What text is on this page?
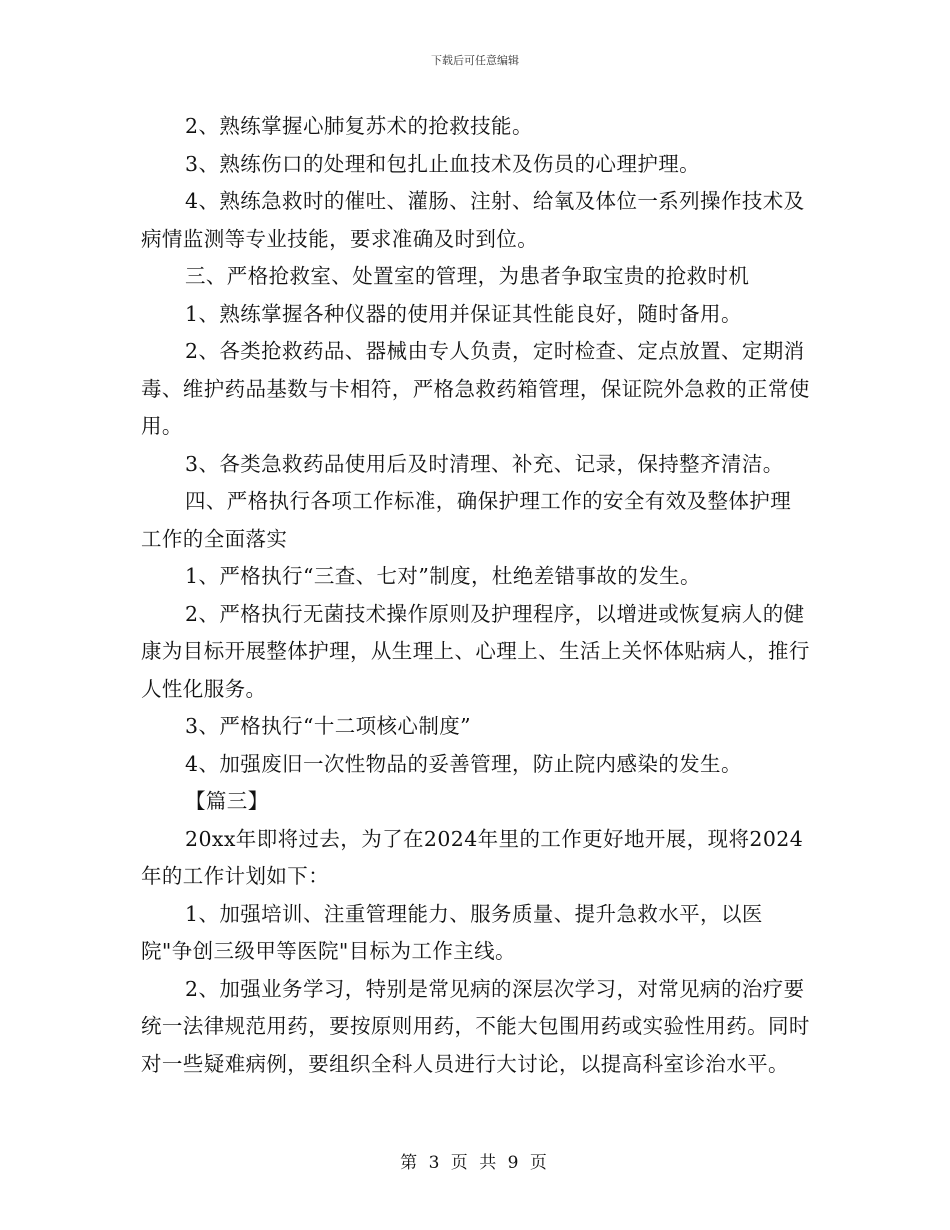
下载后可任意编辑

2、熟练掌握心肺复苏术的抢救技能。

3、熟练伤口的处理和包扎止血技术及伤员的心理护理。

4、熟练急救时的催吐、灌肠、注射、给氧及体位一系列操作技术及病情监测等专业技能，要求准确及时到位。

三、严格抢救室、处置室的管理，为患者争取宝贵的抢救时机

1、熟练掌握各种仪器的使用并保证其性能良好，随时备用。

2、各类抢救药品、器械由专人负责，定时检查、定点放置、定期消毒、维护药品基数与卡相符，严格急救药箱管理，保证院外急救的正常使用。

3、各类急救药品使用后及时清理、补充、记录，保持整齐清洁。

四、严格执行各项工作标准，确保护理工作的安全有效及整体护理工作的全面落实

1、严格执行“三查、七对”制度，杜绝差错事故的发生。

2、严格执行无菌技术操作原则及护理程序，以增进或恢复病人的健康为目标开展整体护理，从生理上、心理上、生活上关怀体贴病人，推行人性化服务。

3、严格执行“十二项核心制度”

4、加强废旧一次性物品的妥善管理，防止院内感染的发生。

【篇三】

20xx年即将过去，为了在2024年里的工作更好地开展，现将2024年的工作计划如下：

1、加强培训、注重管理能力、服务质量、提升急救水平，以医院"争创三级甲等医院"目标为工作主线。

2、加强业务学习，特别是常见病的深层次学习，对常见病的治疗要统一法律规范用药，要按原则用药，不能大包围用药或实验性用药。同时对一些疑难病例，要组织全科人员进行大讨论，以提高科室诊治水平。

第 3 页 共 9 页
